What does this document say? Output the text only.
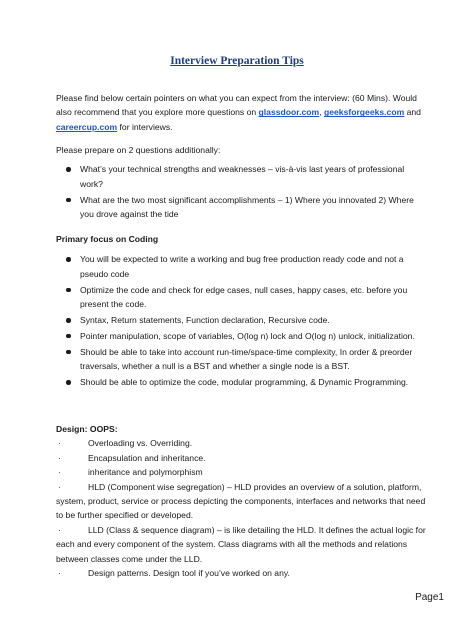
Interview Preparation Tips
Please find below certain pointers on what you can expect from the interview: (60 Mins). Would also recommend that you explore more questions on glassdoor.com, geeksforgeeks.com and
careercup.com for interviews.
Please prepare on 2 questions additionally:
What’s your technical strengths and weaknesses – vis-à-vis last years of professional work?
What are the two most significant accomplishments – 1) Where you innovated 2) Where you drove against the tide
Primary focus on Coding
You will be expected to write a working and bug free production ready code and not a pseudo code
Optimize the code and check for edge cases, null cases, happy cases, etc. before you present the code.
Syntax, Return statements, Function declaration, Recursive code.
Pointer manipulation, scope of variables, O(log n) lock and O(log n) unlock, initialization.
Should be able to take into account run-time/space-time complexity, In order & preorder traversals, whether a null is a BST and whether a single node is a BST.
Should be able to optimize the code, modular programming, & Dynamic Programming.
Design: OOPS:
·	Overloading vs. Overriding.
·	Encapsulation and inheritance.
·	inheritance and polymorphism
·	HLD (Component wise segregation) – HLD provides an overview of a solution, platform, system, product, service or process depicting the components, interfaces and networks that need to be further specified or developed.
·	LLD (Class & sequence diagram) – is like detailing the HLD. It defines the actual logic for each and every component of the system. Class diagrams with all the methods and relations between classes come under the LLD.
·	Design patterns. Design tool if you’ve worked on any.
Page1
